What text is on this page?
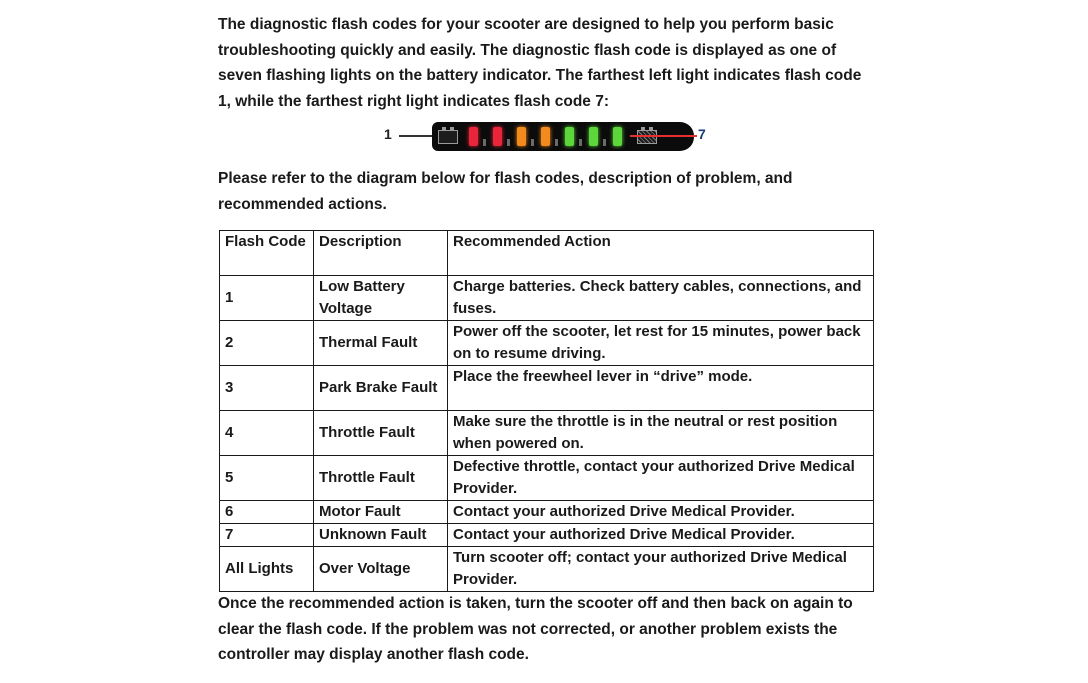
The diagnostic flash codes for your scooter are designed to help you perform basic troubleshooting quickly and easily. The diagnostic flash code is displayed as one of seven flashing lights on the battery indicator. The farthest left light indicates flash code 1, while the farthest right light indicates flash code 7:

1	7

Please refer to the diagram below for flash codes, description of problem, and recommended actions.

Flash Code	Description	Recommended Action
1	Low Battery Voltage	Charge batteries. Check battery cables, connections, and fuses.
2	Thermal Fault	Power off the scooter, let rest for 15 minutes, power back on to resume driving.
3	Park Brake Fault	Place the freewheel lever in “drive” mode.
4	Throttle Fault	Make sure the throttle is in the neutral or rest position when powered on.
5	Throttle Fault	Defective throttle, contact your authorized Drive Medical Provider.
6	Motor Fault	Contact your authorized Drive Medical Provider.
7	Unknown Fault	Contact your authorized Drive Medical Provider.
All Lights	Over Voltage	Turn scooter off; contact your authorized Drive Medical Provider.

Once the recommended action is taken, turn the scooter off and then back on again to clear the flash code. If the problem was not corrected, or another problem exists the controller may display another flash code.
